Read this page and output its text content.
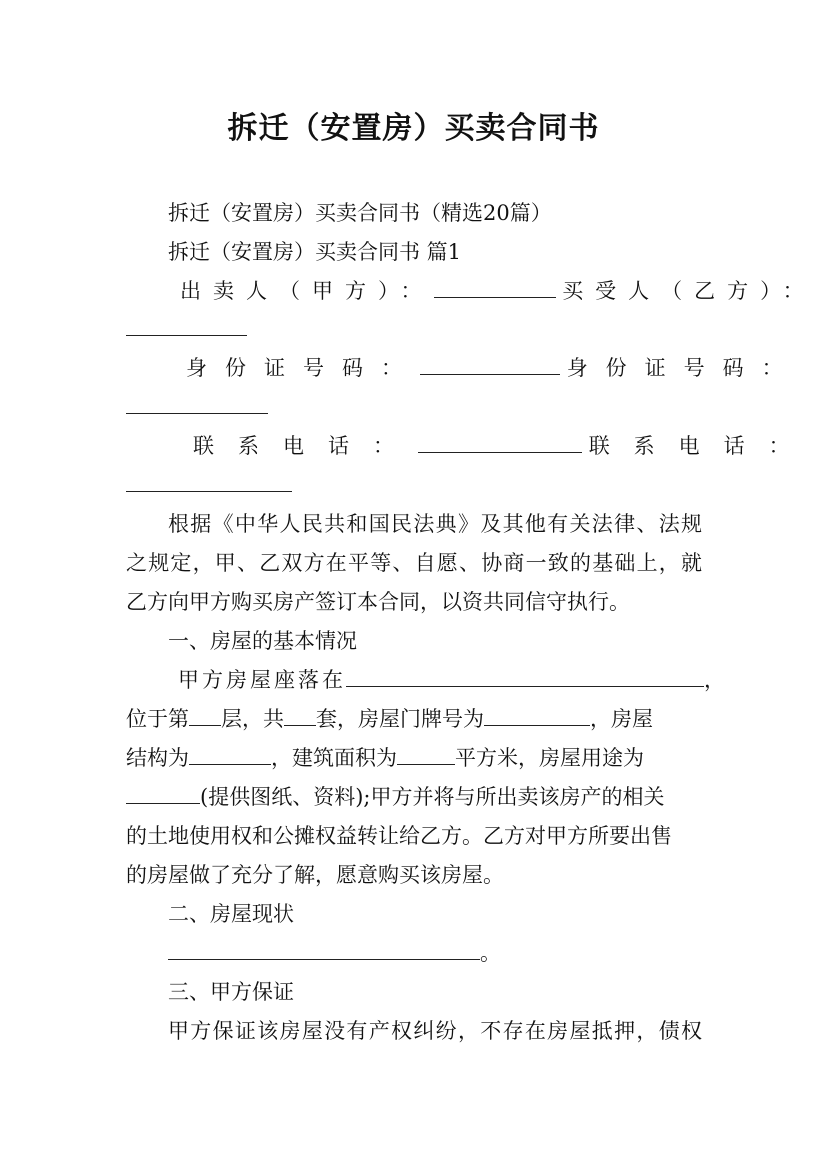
拆迁（安置房）买卖合同书
拆迁（安置房）买卖合同书（精选20篇）
拆迁（安置房）买卖合同书 篇1
出卖人（甲方）：	买受人（乙方）：
身份证号码：	身份证号码：
联系电话：	联系电话：
根据《中华人民共和国民法典》及其他有关法律、法规
之规定，甲、乙双方在平等、自愿、协商一致的基础上，就
乙方向甲方购买房产签订本合同，以资共同信守执行。
一、房屋的基本情况
甲方房屋座落在	，
位于第 层，共 套，房屋门牌号为	，房屋
结构为	，建筑面积为	平方米，房屋用途为
(提供图纸、资料);甲方并将与所出卖该房产的相关
的土地使用权和公摊权益转让给乙方。乙方对甲方所要出售
的房屋做了充分了解，愿意购买该房屋。
二、房屋现状
。
三、甲方保证
甲方保证该房屋没有产权纠纷，不存在房屋抵押，债权
